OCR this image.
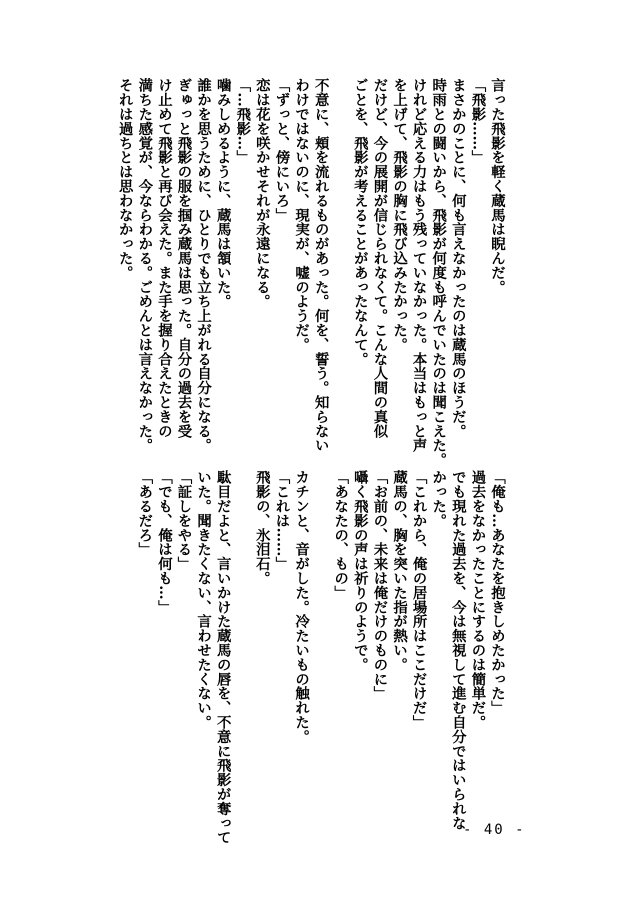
言った飛影を軽く蔵馬は睨んだ。

「飛影……」

まさかのことに、何も言えなかったのは蔵馬のほうだ。

時雨との闘いから、飛影が何度も呼んでいたのは聞こえた。

けれど応える力はもう残っていなかった。本当はもっと声

を上げて、飛影の胸に飛び込みたかった。

だけど、今の展開が信じられなくて。こんな人間の真似

ごとを、飛影が考えることがあったなんて。

不意に、頬を流れるものがあった。何を、誓う。知らない

わけではないのに、現実が、嘘のようだ。

「ずっと、傍にいろ」

恋は花を咲かせそれが永遠になる。

「…飛影…」

噛みしめるように、蔵馬は頷いた。

誰かを思うために、ひとりでも立ち上がれる自分になる。

ぎゅっと飛影の服を掴み蔵馬は思った。自分の過去を受

け止めて飛影と再び会えた。また手を握り合えたときの

満ちた感覚が、今ならわかる。ごめんとは言えなかった。

それは過ちとは思わなかった。

「俺も…あなたを抱きしめたかった」

過去をなかったことにするのは簡単だ。

でも現れた過去を、今は無視して進む自分ではいられな

かった。

「これから、俺の居場所はここだけだ」

蔵馬の、胸を突いた指が熱い。

「お前の、未来は俺だけのものに」

囁く飛影の声は祈りのようで。

「あなたの、もの」

カチンと、音がした。冷たいもの触れた。

「これは……」

飛影の、氷泪石。

駄目だよと、言いかけた蔵馬の唇を、不意に飛影が奪って

いた。聞きたくない、言わせたくない。

「証しをやる」

「でも、俺は何も…」

「あるだろ」

- 40 -
